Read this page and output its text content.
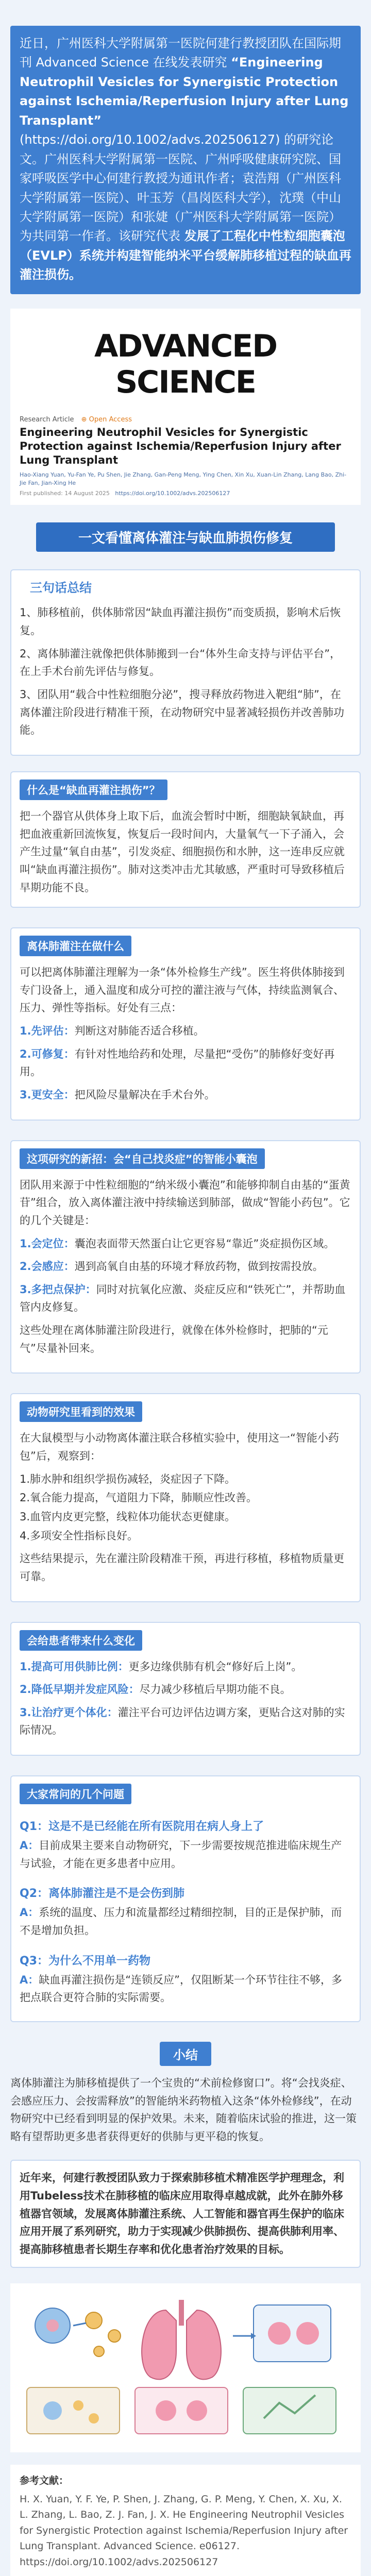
近日，广州医科大学附属第一医院何建行教授团队在国际期刊 Advanced Science 在线发表研究 “Engineering Neutrophil Vesicles for Synergistic Protection against Ischemia/Reperfusion Injury after Lung Transplant” (https://doi.org/10.1002/advs.202506127) 的研究论文。广州医科大学附属第一医院、广州呼吸健康研究院、国家呼吸医学中心何建行教授为通讯作者；袁浩翔（广州医科大学附属第一医院）、叶玉芳（昌岗医科大学），沈璞（中山大学附属第一医院）和张婕（广州医科大学附属第一医院）为共同第一作者。该研究代表 发展了工程化中性粒细胞囊泡（EVLP）系统并构建智能纳米平台缓解肺移植过程的缺血再灌注损伤。

ADVANCED SCIENCE
Research Article ⊕ Open Access
Engineering Neutrophil Vesicles for Synergistic Protection against Ischemia/Reperfusion Injury after Lung Transplant
Hao-Xiang Yuan, Yu-Fan Ye, Pu Shen, Jie Zhang, Gan-Peng Meng, Ying Chen, Xin Xu, Xuan-Lin Zhang, Lang Bao, Zhi-Jie Fan, Jian-Xing He
First published: 14 August 2025 https://doi.org/10.1002/advs.202506127
一文看懂离体灌注与缺血肺损伤修复
三句话总结
1、肺移植前，供体肺常因“缺血再灌注损伤”而变质损，影响术后恢复。
2、离体肺灌注就像把供体肺搬到一台“体外生命支持与评估平台”，在上手术台前先评估与修复。
3、团队用“载合中性粒细胞分泌”，搜寻释放药物进入靶组“肺”，在离体灌注阶段进行精准干预，在动物研究中显著减轻损伤并改善肺功能。
什么是“缺血再灌注损伤”？
把一个器官从供体身上取下后，血流会暂时中断，细胞缺氧缺血，再把血液重新回流恢复，恢复后一段时间内，大量氧气一下子涌入，会产生过量“氧自由基”，引发炎症、细胞损伤和水肿，这一连串反应就叫“缺血再灌注损伤”。肺对这类冲击尤其敏感，严重时可导致移植后早期功能不良。
离体肺灌注在做什么

可以把离体肺灌注理解为一条“体外检修生产线”。医生将供体肺接到专门设备上，通入温度和成分可控的灌注液与气体，持续监测氧合、压力、弹性等指标。好处有三点：

1.先评估：判断这对肺能否适合移植。

2.可修复：有针对性地给药和处理，尽量把“受伤”的肺修好变好再用。

3.更安全：把风险尽量解决在手术台外。

这项研究的新招：会“自己找炎症”的智能小囊泡

团队用来源于中性粒细胞的“纳米级小囊泡”和能够抑制自由基的“蛋黄苷”组合，放入离体灌注液中持续输送到肺部，做成“智能小药包”。它的几个关键是：

1.会定位：囊泡表面带天然蛋白让它更容易“靠近”炎症损伤区域。

2.会感应：遇到高氧自由基的环境才释放药物，做到按需投放。

3.多把点保护：同时对抗氧化应激、炎症反应和“铁死亡”，并帮助血管内皮修复。

这些处理在离体肺灌注阶段进行，就像在体外检修时，把肺的“元气”尽量补回来。

动物研究里看到的效果

在大鼠模型与小动物离体灌注联合移植实验中，使用这一“智能小药包”后，观察到：

1.肺水肿和组织学损伤减轻，炎症因子下降。

2.氧合能力提高，气道阻力下降，肺顺应性改善。

3.血管内皮更完整，线粒体功能状态更健康。

4.多项安全性指标良好。

这些结果提示，先在灌注阶段精准干预，再进行移植，移植物质量更可靠。

会给患者带来什么变化

1.提高可用供肺比例：更多边缘供肺有机会“修好后上岗”。

2.降低早期并发症风险：尽力减少移植后早期功能不良。

3.让治疗更个体化：灌注平台可边评估边调方案，更贴合这对肺的实际情况。

大家常问的几个问题
Q1：这是不是已经能在所有医院用在病人身上了
A：目前成果主要来自动物研究，下一步需要按规范推进临床规生产与试验，才能在更多患者中应用。
Q2：离体肺灌注是不是会伤到肺
A：系统的温度、压力和流量都经过精细控制，目的正是保护肺，而不是增加负担。
Q3：为什么不用单一药物
A：缺血再灌注损伤是“连锁反应”，仅阻断某一个环节往往不够，多把点联合更符合肺的实际需要。
小结
离体肺灌注为肺移植提供了一个宝贵的“术前检修窗口”。将“会找炎症、会感应压力、会按需释放”的智能纳米药物植入这条“体外检修线”，在动物研究中已经看到明显的保护效果。未来，随着临床试验的推进，这一策略有望帮助更多患者获得更好的供肺与更平稳的恢复。
近年来，何建行教授团队致力于探索肺移植术精准医学护理理念，利用Tubeless技术在肺移植的临床应用取得卓越成就，此外在肺外移植器官领域，发展离体肺灌注系统、人工智能和器官再生保护的临床应用开展了系列研究，助力于实现减少供肺损伤、提高供肺利用率、提高肺移植患者长期生存率和优化患者治疗效果的目标。
参考文献：
H. X. Yuan, Y. F. Ye, P. Shen, J. Zhang, G. P. Meng, Y. Chen, X. Xu, X. L. Zhang, L. Bao, Z. J. Fan, J. X. He Engineering Neutrophil Vesicles for Synergistic Protection against Ischemia/Reperfusion Injury after Lung Transplant. Advanced Science. e06127. https://doi.org/10.1002/advs.202506127
